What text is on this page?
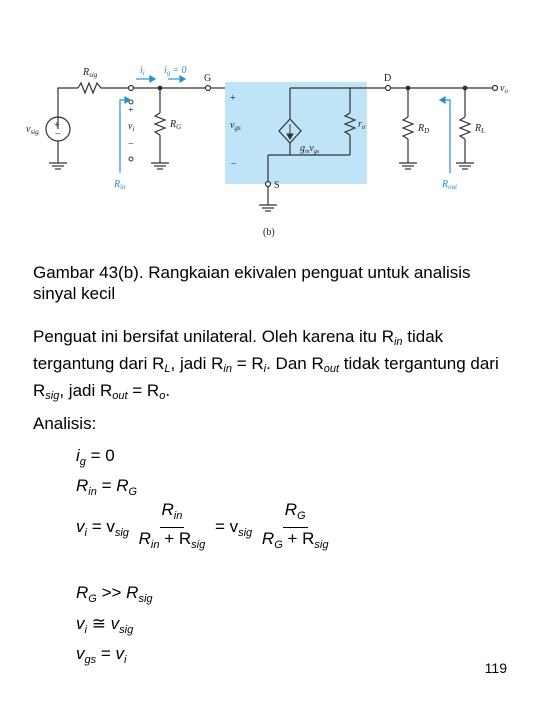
$R_{sig}$	$i_i$ $i_g = 0$
G	D
S
$v_o$
$v_{sig}$
+
−
+
$v_i$
−
$R_G$
+
$v_{gs}$
−
$g_mv_{gs}$
$r_o$	$R_D$	$R_L$
$R_{in}$	$R_{out}$
(b)
Gambar 43(b). Rangkaian ekivalen penguat untuk analisis sinyal kecil
Penguat ini bersifat unilateral. Oleh karena itu $R_{in}$ tidak tergantung dari $R_L$, jadi $R_{in} = R_i$. Dan $R_{out}$ tidak tergantung dari $R_{sig}$, jadi $R_{out} = R_o$.
Analisis:
$i_g = 0$
$R_{in} = R_G$
$v_i = v_{sig} \frac{R_{in}}{R_{in} + R_{sig}} = v_{sig} \frac{R_G}{R_G + R_{sig}}$
$R_G >> R_{sig}$
$v_i$ ≅ $v_{sig}$
$v_{gs} = v_i$	119
